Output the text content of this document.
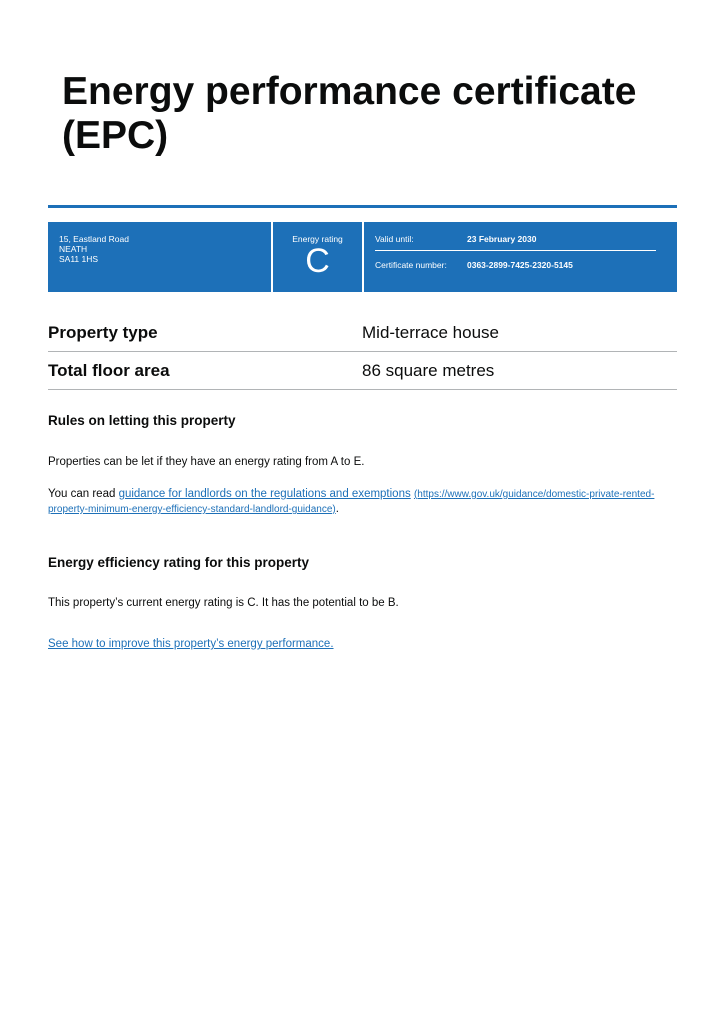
Energy performance certificate (EPC)
15, Eastland Road
NEATH
SA11 1HS
Energy rating
C
Valid until:	23 February 2030
Certificate number:	0363-2899-7425-2320-5145
Property type	Mid-terrace house
Total floor area	86 square metres
Rules on letting this property

Properties can be let if they have an energy rating from A to E.

You can read guidance for landlords on the regulations and exemptions (https://www.gov.uk/guidance/domestic-private-rented-property-minimum-energy-efficiency-standard-landlord-guidance).

Energy efficiency rating for this property

This property’s current energy rating is C. It has the potential to be B.

See how to improve this property’s energy performance.
